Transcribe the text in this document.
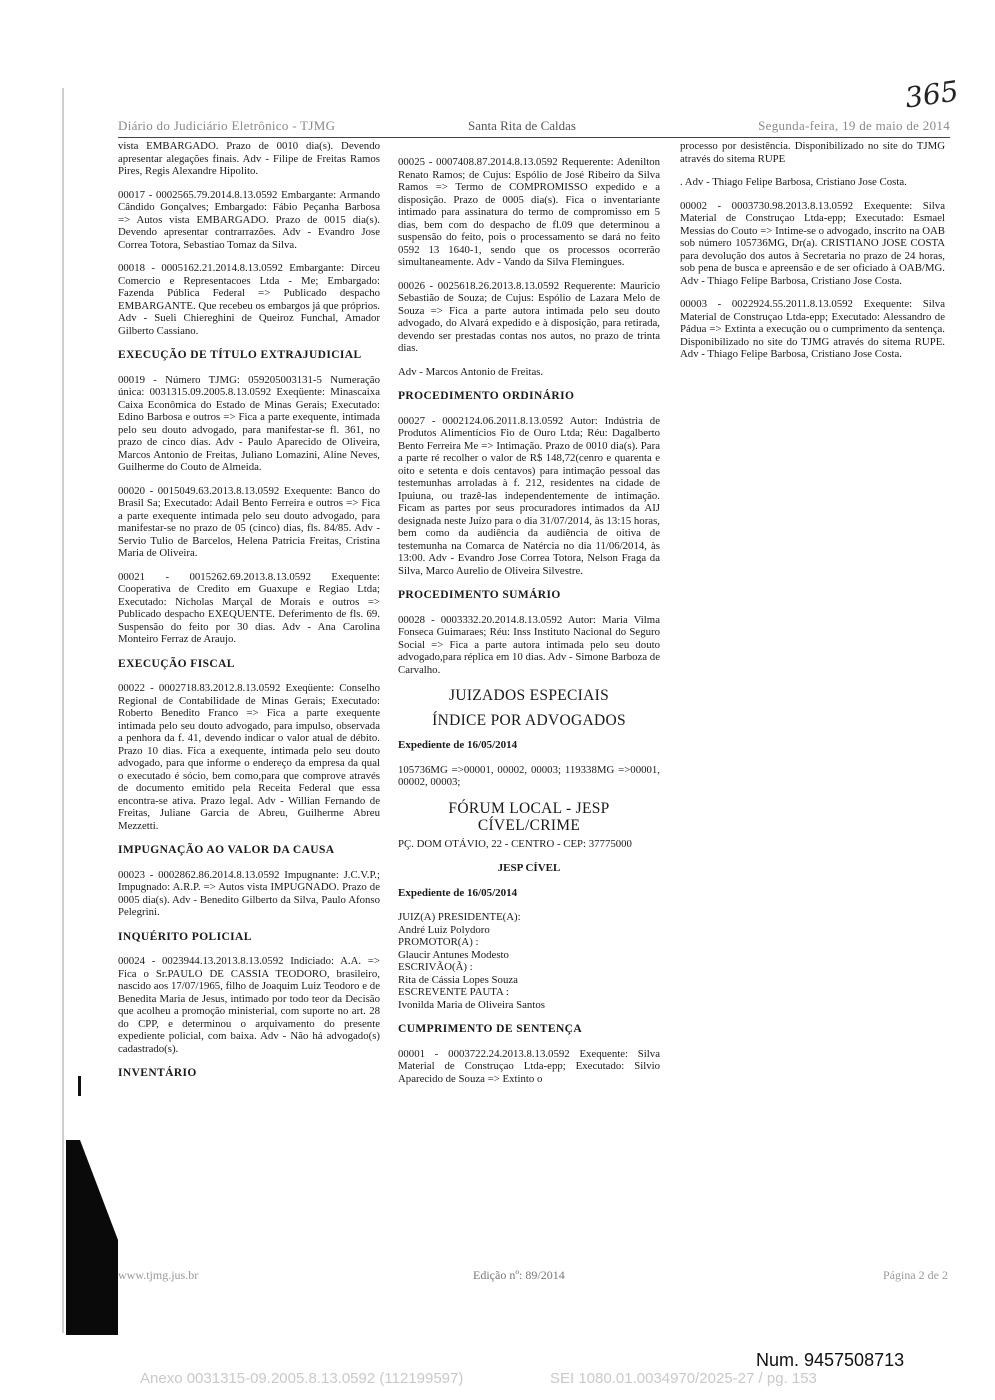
Diário do Judiciário Eletrônico - TJMG	Santa Rita de Caldas	Segunda-feira, 19 de maio de 2014
365

vista EMBARGADO. Prazo de 0010 dia(s). Devendo apresentar alegações finais. Adv - Filipe de Freitas Ramos Pires, Regis Alexandre Hipolito.

00017 - 0002565.79.2014.8.13.0592 Embargante: Armando Cândido Gonçalves; Embargado: Fábio Peçanha Barbosa => Autos vista EMBARGADO. Prazo de 0015 dia(s). Devendo apresentar contrarrazões. Adv - Evandro Jose Correa Totora, Sebastiao Tomaz da Silva.

00018 - 0005162.21.2014.8.13.0592 Embargante: Dirceu Comercio e Representacoes Ltda - Me; Embargado: Fazenda Pública Federal => Publicado despacho EMBARGANTE. Que recebeu os embargos já que próprios. Adv - Sueli Chiereghini de Queiroz Funchal, Amador Gilberto Cassiano.

EXECUÇÃO DE TÍTULO EXTRAJUDICIAL

00019 - Número TJMG: 059205003131-5 Numeração única: 0031315.09.2005.8.13.0592 Exeqüente: Minascaixa Caixa Econômica do Estado de Minas Gerais; Executado: Edino Barbosa e outros => Fica a parte exequente, intimada pelo seu douto advogado, para manifestar-se fl. 361, no prazo de cinco dias. Adv - Paulo Aparecido de Oliveira, Marcos Antonio de Freitas, Juliano Lomazini, Aline Neves, Guilherme do Couto de Almeida.

00020 - 0015049.63.2013.8.13.0592 Exequente: Banco do Brasil Sa; Executado: Adail Bento Ferreira e outros => Fica a parte exequente intimada pelo seu douto advogado, para manifestar-se no prazo de 05 (cinco) dias, fls. 84/85. Adv - Servio Tulio de Barcelos, Helena Patricia Freitas, Cristina Maria de Oliveira.

00021 - 0015262.69.2013.8.13.0592 Exequente: Cooperativa de Credito em Guaxupe e Regiao Ltda; Executado: Nicholas Marçal de Morais e outros => Publicado despacho EXEQUENTE. Deferimento de fls. 69. Suspensão do feito por 30 dias. Adv - Ana Carolina Monteiro Ferraz de Araujo.

EXECUÇÃO FISCAL

00022 - 0002718.83.2012.8.13.0592 Exeqüente: Conselho Regional de Contabilidade de Minas Gerais; Executado: Roberto Benedito Franco => Fica a parte exequente intimada pelo seu douto advogado, para impulso, observada a penhora da f. 41, devendo indicar o valor atual de débito. Prazo 10 dias. Fica a exequente, intimada pelo seu douto advogado, para que informe o endereço da empresa da qual o executado é sócio, bem como,para que comprove através de documento emitido pela Receita Federal que essa encontra-se ativa. Prazo legal. Adv - Willian Fernando de Freitas, Juliane Garcia de Abreu, Guilherme Abreu Mezzetti.

IMPUGNAÇÃO AO VALOR DA CAUSA

00023 - 0002862.86.2014.8.13.0592 Impugnante: J.C.V.P.; Impugnado: A.R.P. => Autos vista IMPUGNADO. Prazo de 0005 dia(s). Adv - Benedito Gilberto da Silva, Paulo Afonso Pelegrini.

INQUÉRITO POLICIAL

00024 - 0023944.13.2013.8.13.0592 Indiciado: A.A. => Fica o Sr.PAULO DE CASSIA TEODORO, brasileiro, nascido aos 17/07/1965, filho de Joaquim Luiz Teodoro e de Benedita Maria de Jesus, intimado por todo teor da Decisão que acolheu a promoção ministerial, com suporte no art. 28 do CPP, e determinou o arquivamento do presente expediente policial, com baixa. Adv - Não há advogado(s) cadastrado(s).

INVENTÁRIO

00025 - 0007408.87.2014.8.13.0592 Requerente: Adenilton Renato Ramos; de Cujus: Espólio de José Ribeiro da Silva Ramos => Termo de COMPROMISSO expedido e a disposição. Prazo de 0005 dia(s). Fica o inventariante intimado para assinatura do termo de compromisso em 5 dias, bem com do despacho de fl.09 que determinou a suspensão do feito, pois o processamento se dará no feito 0592 13 1640-1, sendo que os processos ocorrerão simultaneamente. Adv - Vando da Silva Flemingues.

00026 - 0025618.26.2013.8.13.0592 Requerente: Mauricio Sebastião de Souza; de Cujus: Espólio de Lazara Melo de Souza => Fica a parte autora intimada pelo seu douto advogado, do Alvará expedido e à disposição, para retirada, devendo ser prestadas contas nos autos, no prazo de trinta dias.

Adv - Marcos Antonio de Freitas.

PROCEDIMENTO ORDINÁRIO

00027 - 0002124.06.2011.8.13.0592 Autor: Indústria de Produtos Alimentícios Fio de Ouro Ltda; Réu: Dagalberto Bento Ferreira Me => Intimação. Prazo de 0010 dia(s). Para a parte ré recolher o valor de R$ 148,72(cenro e quarenta e oito e setenta e dois centavos) para intimação pessoal das testemunhas arroladas à f. 212, residentes na cidade de Ipuiuna, ou trazê-las independentemente de intimação. Ficam as partes por seus procuradores intimados da AIJ designada neste Juízo para o dia 31/07/2014, às 13:15 horas, bem como da audiência da audiência de oitiva de testemunha na Comarca de Natércia no dia 11/06/2014, às 13:00. Adv - Evandro Jose Correa Totora, Nelson Fraga da Silva, Marco Aurelio de Oliveira Silvestre.

PROCEDIMENTO SUMÁRIO

00028 - 0003332.20.2014.8.13.0592 Autor: Maria Vilma Fonseca Guimaraes; Réu: Inss Instituto Nacional do Seguro Social => Fica a parte autora intimada pelo seu douto advogado,para réplica em 10 dias. Adv - Simone Barboza de Carvalho.

JUIZADOS ESPECIAIS
ÍNDICE POR ADVOGADOS
Expediente de 16/05/2014

105736MG =>00001, 00002, 00003; 119338MG =>00001, 00002, 00003;

FÓRUM LOCAL - JESP
CÍVEL/CRIME

PÇ. DOM OTÁVIO, 22 - CENTRO - CEP: 37775000

JESP CÍVEL
Expediente de 16/05/2014
JUIZ(A) PRESIDENTE(A):
André Luiz Polydoro
PROMOTOR(A) :
Glaucir Antunes Modesto
ESCRIVÃO(Ã) :
Rita de Cássia Lopes Souza
ESCREVENTE PAUTA :
Ivonilda Maria de Oliveira Santos
CUMPRIMENTO DE SENTENÇA

00001 - 0003722.24.2013.8.13.0592 Exequente: Silva Material de Construçao Ltda-epp; Executado: Silvio Aparecido de Souza => Extinto o

processo por desistência. Disponibilizado no site do TJMG através do sitema RUPE

. Adv - Thiago Felipe Barbosa, Cristiano Jose Costa.

00002 - 0003730.98.2013.8.13.0592 Exequente: Silva Material de Construçao Ltda-epp; Executado: Esmael Messias do Couto => Intime-se o advogado, inscrito na OAB sob número 105736MG, Dr(a). CRISTIANO JOSE COSTA para devolução dos autos à Secretaria no prazo de 24 horas, sob pena de busca e apreensão e de ser oficiado à OAB/MG. Adv - Thiago Felipe Barbosa, Cristiano Jose Costa.

00003 - 0022924.55.2011.8.13.0592 Exequente: Silva Material de Construçao Ltda-epp; Executado: Alessandro de Pádua => Extinta a execução ou o cumprimento da sentença. Disponibilizado no site do TJMG através do sitema RUPE. Adv - Thiago Felipe Barbosa, Cristiano Jose Costa.

www.tjmg.jus.br	Edição nº: 89/2014	Página 2 de 2
Num. 9457508713
Anexo 0031315-09.2005.8.13.0592 (112199597)	SEI 1080.01.0034970/2025-27 / pg. 153
